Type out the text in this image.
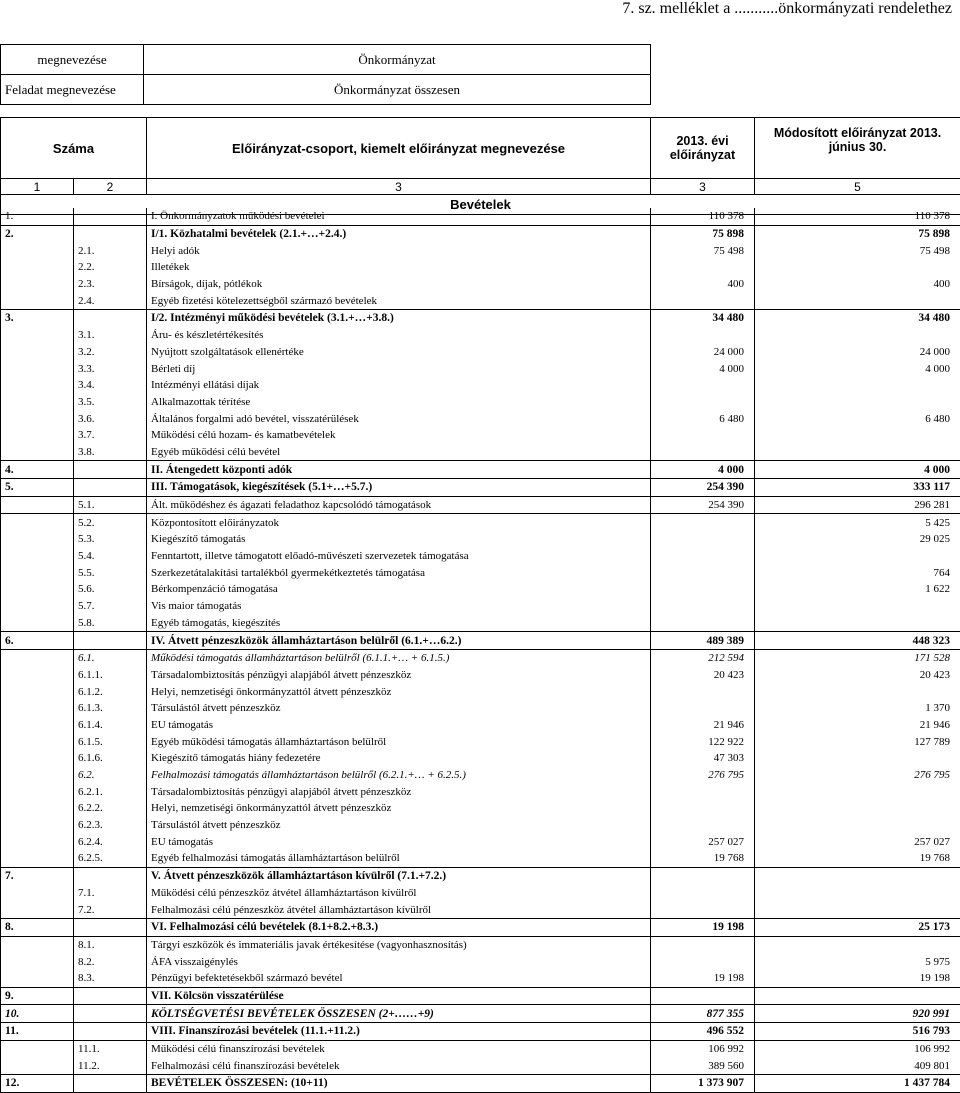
7. sz. melléklet a ...........önkormányzati rendelethez
megnevezése	Önkormányzat	
Feladat megnevezése	Önkormányzat összesen	
Száma		Előirányzat-csoport, kiemelt előirányzat megnevezése	2013. évi előirányzat	Módosított előirányzat 2013. június 30.
1	2	3	3	5
Bevételek				
1.		I. Önkormányzatok működési bevételei	110 378	110 378
2.		I/1. Közhatalmi bevételek (2.1.+…+2.4.)	75 898	75 898
	2.1.	Helyi adók	75 498	75 498
	2.2.	Illetékek		
	2.3.	Bírságok, díjak, pótlékok	400	400
	2.4.	Egyéb fizetési kötelezettségből származó bevételek		
3.		I/2. Intézményi működési bevételek (3.1.+…+3.8.)	34 480	34 480
	3.1.	Áru- és készletértékesítés		
	3.2.	Nyújtott szolgáltatások ellenértéke	24 000	24 000
	3.3.	Bérleti díj	4 000	4 000
	3.4.	Intézményi ellátási díjak		
	3.5.	Alkalmazottak térítése		
	3.6.	Általános forgalmi adó bevétel, visszatérülések	6 480	6 480
	3.7.	Működési célú hozam- és kamatbevételek		
	3.8.	Egyéb működési célú bevétel		
4.		II. Átengedett központi adók	4 000	4 000
5.		III. Támogatások, kiegészítések (5.1+…+5.7.)	254 390	333 117
	5.1.	Ált. működéshez és ágazati feladathoz kapcsolódó támogatások	254 390	296 281
	5.2.	Központosított előirányzatok		5 425
	5.3.	Kiegészítő támogatás		29 025
	5.4.	Fenntartott, illetve támogatott előadó-művészeti szervezetek támogatása		
	5.5.	Szerkezetátalakítási tartalékból gyermekétkeztetés támogatása		764
	5.6.	Bérkompenzáció támogatása		1 622
	5.7.	Vis maior támogatás		
	5.8.	Egyéb támogatás, kiegészítés		
6.		IV. Átvett pénzeszközök államháztartáson belülről (6.1.+…6.2.)	489 389	448 323
	6.1.	Működési támogatás államháztartáson belülről (6.1.1.+… + 6.1.5.)	212 594	171 528
	6.1.1.	Társadalombiztosítás pénzügyi alapjából átvett pénzeszköz	20 423	20 423
	6.1.2.	Helyi, nemzetiségi önkormányzattól átvett pénzeszköz		
	6.1.3.	Társulástól átvett pénzeszköz		1 370
	6.1.4.	EU támogatás	21 946	21 946
	6.1.5.	Egyéb működési támogatás államháztartáson belülről	122 922	127 789
	6.1.6.	Kiegészítő támogatás hiány fedezetére	47 303	
	6.2.	Felhalmozási támogatás államháztartáson belülről (6.2.1.+… + 6.2.5.)	276 795	276 795
	6.2.1.	Társadalombiztosítás pénzügyi alapjából átvett pénzeszköz		
	6.2.2.	Helyi, nemzetiségi önkormányzattól átvett pénzeszköz		
	6.2.3.	Társulástól átvett pénzeszköz		
	6.2.4.	EU támogatás	257 027	257 027
	6.2.5.	Egyéb felhalmozási támogatás államháztartáson belülről	19 768	19 768
7.		V. Átvett pénzeszközök államháztartáson kívülről (7.1.+7.2.)		
	7.1.	Működési célú pénzeszköz átvétel államháztartáson kívülről		
	7.2.	Felhalmozási célú pénzeszköz átvétel államháztartáson kívülről		
8.		VI. Felhalmozási célú bevételek (8.1+8.2.+8.3.)	19 198	25 173
	8.1.	Tárgyi eszközök és immateriális javak értékesítése (vagyonhasznosítás)		
	8.2.	ÁFA visszaigénylés		5 975
	8.3.	Pénzügyi befektetésekből származó bevétel	19 198	19 198
9.		VII. Kölcsön visszatérülése		
10.		KÖLTSÉGVETÉSI BEVÉTELEK ÖSSZESEN (2+……+9)	877 355	920 991
11.		VIII. Finanszírozási bevételek (11.1.+11.2.)	496 552	516 793
	11.1.	Működési célú finanszírozási bevételek	106 992	106 992
	11.2.	Felhalmozási célú finanszírozási bevételek	389 560	409 801
12.		BEVÉTELEK ÖSSZESEN: (10+11)	1 373 907	1 437 784
